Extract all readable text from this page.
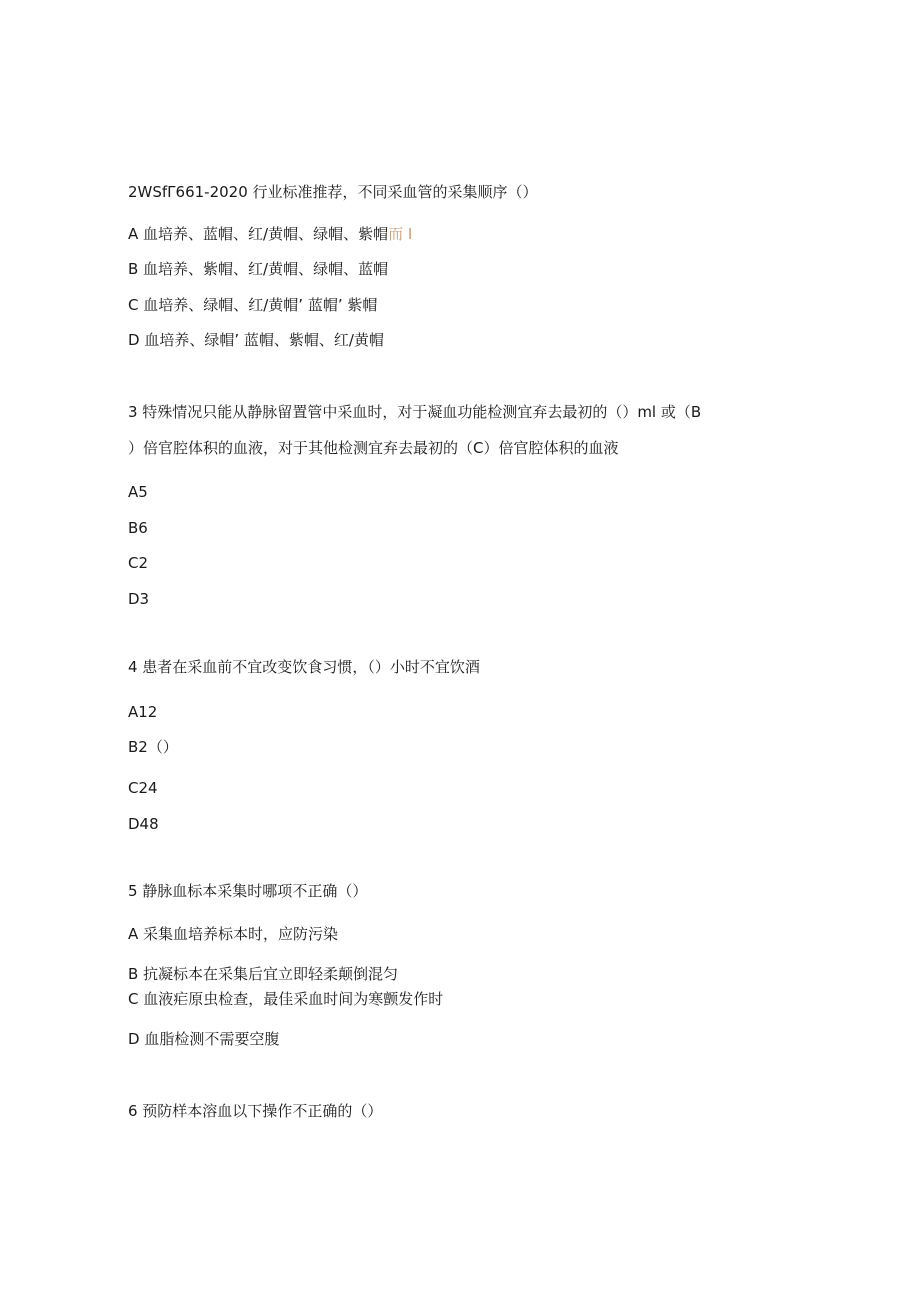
2WSfΓ661-2020 行业标准推荐，不同采血管的采集顺序（）
A 血培养、蓝帽、红/黄帽、绿帽、紫帽而 I
B 血培养、紫帽、红/黄帽、绿帽、蓝帽
C 血培养、绿帽、红/黄帽’ 蓝帽’ 紫帽
D 血培养、绿帽’ 蓝帽、紫帽、红/黄帽
3 特殊情况只能从静脉留置管中采血时，对于凝血功能检测宜弃去最初的（）ml 或（B
）倍官腔体积的血液，对于其他检测宜弃去最初的（C）倍官腔体积的血液
A5
B6
C2
D3
4 患者在采血前不宜改变饮食习惯，（）小时不宜饮酒
A12
B2（）
C24
D48
5 静脉血标本采集时哪项不正确（）
A 采集血培养标本时，应防污染
B 抗凝标本在采集后宜立即轻柔颠倒混匀
C 血液疟原虫检查，最佳采血时间为寒颤发作时
D 血脂检测不需要空腹
6 预防样本溶血以下操作不正确的（）
